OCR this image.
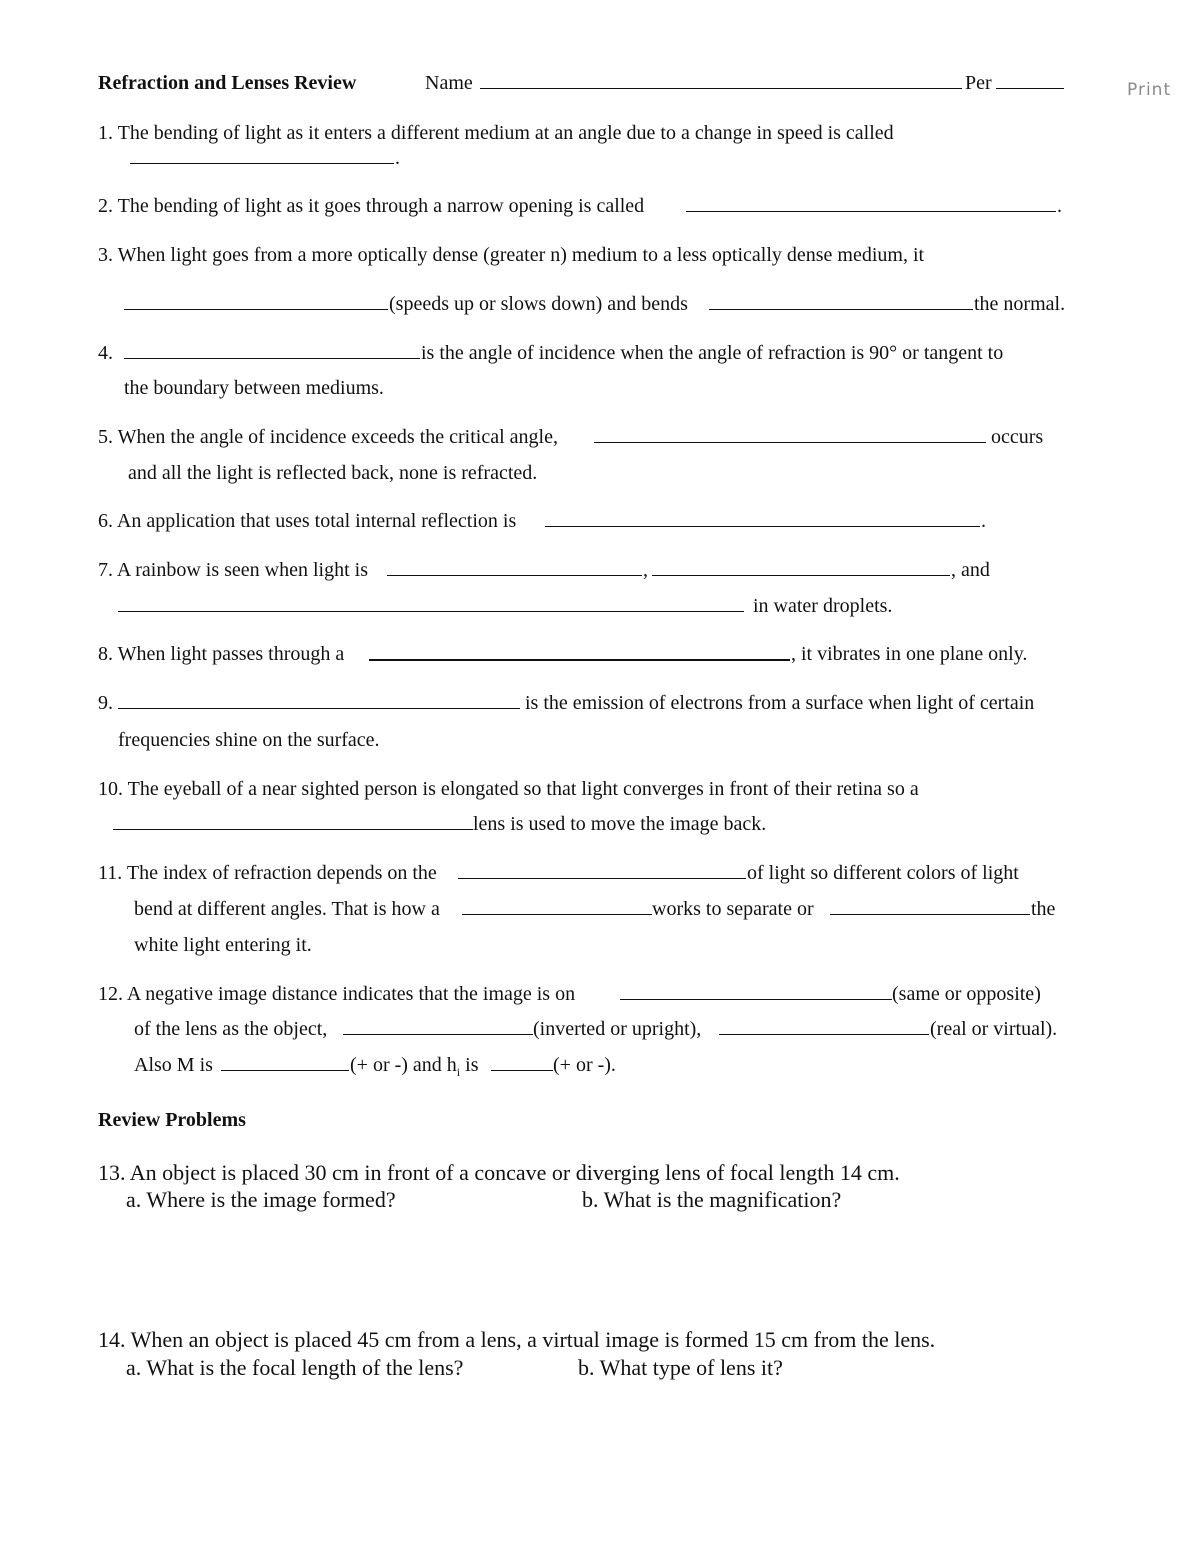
Print
Refraction and Lenses Review	Name	Per
1. The bending of light as it enters a different medium at an angle due to a change in speed is called
.
2. The bending of light as it goes through a narrow opening is called	.
3. When light goes from a more optically dense (greater n) medium to a less optically dense medium, it
(speeds up or slows down) and bends	the normal.
4.	is the angle of incidence when the angle of refraction is 90° or tangent to
the boundary between mediums.
5. When the angle of incidence exceeds the critical angle,	occurs
and all the light is reflected back, none is refracted.
6. An application that uses total internal reflection is	.
7. A rainbow is seen when light is	,	, and
in water droplets.
8. When light passes through a	, it vibrates in one plane only.
9.	is the emission of electrons from a surface when light of certain
frequencies shine on the surface.
10. The eyeball of a near sighted person is elongated so that light converges in front of their retina so a
lens is used to move the image back.
11. The index of refraction depends on the	of light so different colors of light
bend at different angles. That is how a	works to separate or	the
white light entering it.
12. A negative image distance indicates that the image is on	(same or opposite)
of the lens as the object,	(inverted or upright),	(real or virtual).
Also M is	(+ or -) and $h_i$ is	(+ or -).
Review Problems
13. An object is placed 30 cm in front of a concave or diverging lens of focal length 14 cm.
a. Where is the image formed?	b. What is the magnification?
14. When an object is placed 45 cm from a lens, a virtual image is formed 15 cm from the lens.
a. What is the focal length of the lens?	b. What type of lens it?
